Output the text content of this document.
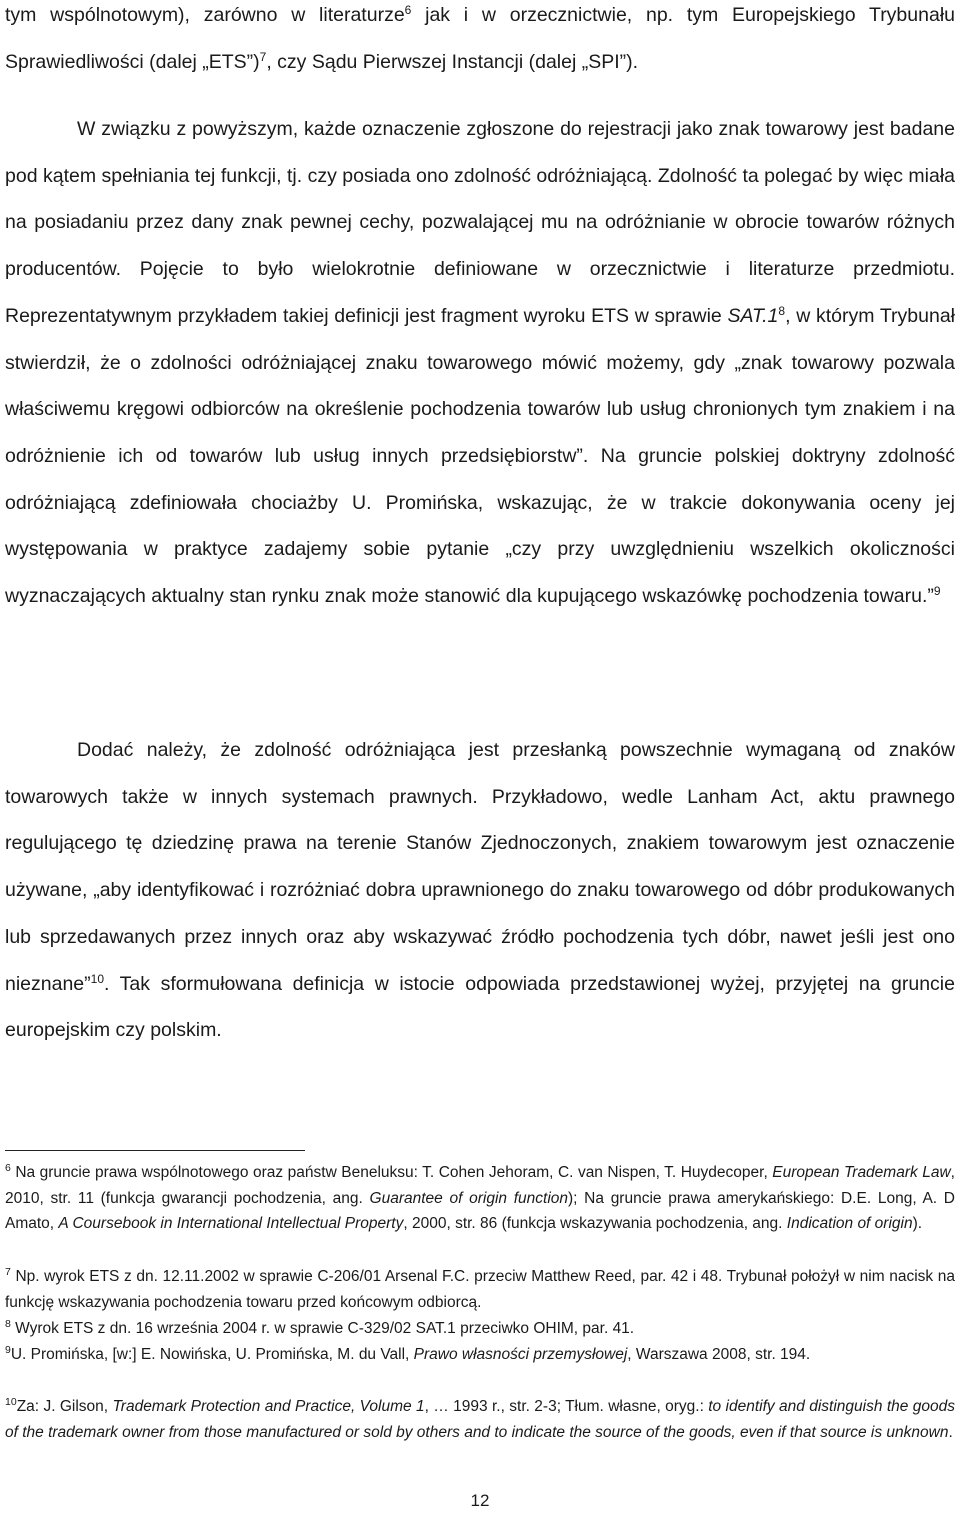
tym wspólnotowym), zarówno w literaturze$^6$ jak i w orzecznictwie, np. tym Europejskiego Trybunału Sprawiedliwości (dalej „ETS”)$^7$, czy Sądu Pierwszej Instancji (dalej „SPI”).

W związku z powyższym, każde oznaczenie zgłoszone do rejestracji jako znak towarowy jest badane pod kątem spełniania tej funkcji, tj. czy posiada ono zdolność odróżniającą. Zdolność ta polegać by więc miała na posiadaniu przez dany znak pewnej cechy, pozwalającej mu na odróżnianie w obrocie towarów różnych producentów. Pojęcie to było wielokrotnie definiowane w orzecznictwie i literaturze przedmiotu. Reprezentatywnym przykładem takiej definicji jest fragment wyroku ETS w sprawie $SAT.1^8$, w którym Trybunał stwierdził, że o zdolności odróżniającej znaku towarowego mówić możemy, gdy „znak towarowy pozwala właściwemu kręgowi odbiorców na określenie pochodzenia towarów lub usług chronionych tym znakiem i na odróżnienie ich od towarów lub usług innych przedsiębiorstw”. Na gruncie polskiej doktryny zdolność odróżniającą zdefiniowała chociażby U. Promińska, wskazując, że w trakcie dokonywania oceny jej występowania w praktyce zadajemy sobie pytanie „czy przy uwzględnieniu wszelkich okoliczności wyznaczających aktualny stan rynku znak może stanowić dla kupującego wskazówkę pochodzenia towaru.”$^9$

Dodać należy, że zdolność odróżniająca jest przesłanką powszechnie wymaganą od znaków towarowych także w innych systemach prawnych. Przykładowo, wedle Lanham Act, aktu prawnego regulującego tę dziedzinę prawa na terenie Stanów Zjednoczonych, znakiem towarowym jest oznaczenie używane, „aby identyfikować i rozróżniać dobra uprawnionego do znaku towarowego od dóbr produkowanych lub sprzedawanych przez innych oraz aby wskazywać źródło pochodzenia tych dóbr, nawet jeśli jest ono nieznane”$^{10}$. Tak sformułowana definicja w istocie odpowiada przedstawionej wyżej, przyjętej na gruncie europejskim czy polskim.

$^6$ Na gruncie prawa wspólnotowego oraz państw Beneluksu: T. Cohen Jehoram, C. van Nispen, T. Huydecoper, European Trademark Law, 2010, str. 11 (funkcja gwarancji pochodzenia, ang. Guarantee of origin function); Na gruncie prawa amerykańskiego: D.E. Long, A. D Amato, A Coursebook in International Intellectual Property, 2000, str. 86 (funkcja wskazywania pochodzenia, ang. Indication of origin).

$^7$ Np. wyrok ETS z dn. 12.11.2002 w sprawie C-206/01 Arsenal F.C. przeciw Matthew Reed, par. 42 i 48. Trybunał położył w nim nacisk na funkcję wskazywania pochodzenia towaru przed końcowym odbiorcą.

$^8$ Wyrok ETS z dn. 16 września 2004 r. w sprawie C-329/02 SAT.1 przeciwko OHIM, par. 41.

$^9$U. Promińska, [w:] E. Nowińska, U. Promińska, M. du Vall, Prawo własności przemysłowej, Warszawa 2008, str. 194.

$^{10}$Za: J. Gilson, Trademark Protection and Practice, Volume 1, … 1993 r., str. 2-3; Tłum. własne, oryg.: to identify and distinguish the goods of the trademark owner from those manufactured or sold by others and to indicate the source of the goods, even if that source is unknown.

12
